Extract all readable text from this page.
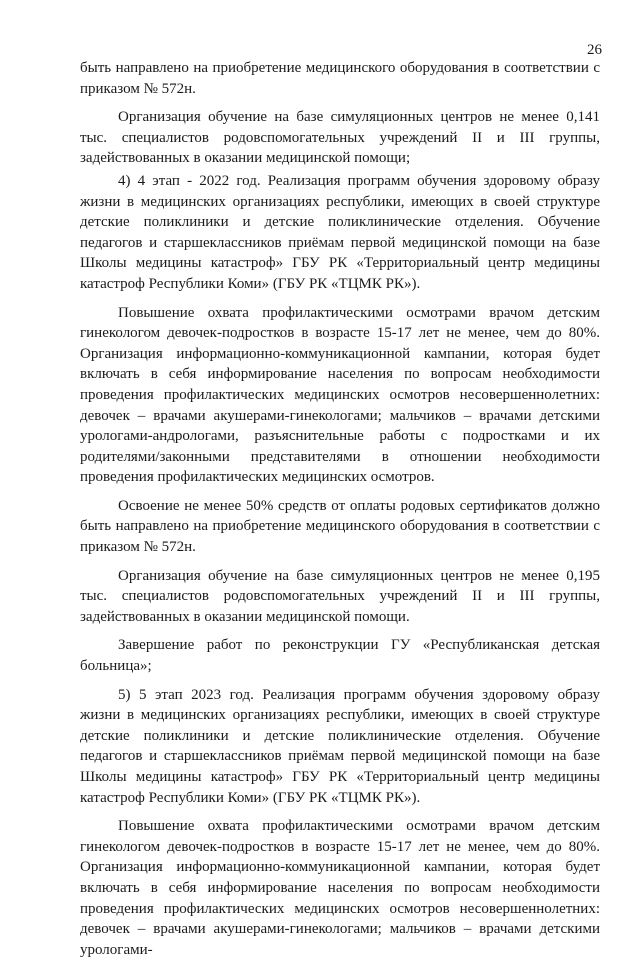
26

быть направлено на приобретение медицинского оборудования в соответствии с приказом № 572н.

Организация обучение на базе симуляционных центров не менее 0,141 тыс. специалистов родовспомогательных учреждений II и III группы, задействованных в оказании медицинской помощи;

4) 4 этап - 2022 год. Реализация программ обучения здоровому образу жизни в медицинских организациях республики, имеющих в своей структуре детские поликлиники и детские поликлинические отделения. Обучение педагогов и старшеклассников приёмам первой медицинской помощи на базе Школы медицины катастроф» ГБУ РК «Территориальный центр медицины катастроф Республики Коми» (ГБУ РК «ТЦМК РК»).

Повышение охвата профилактическими осмотрами врачом детским гинекологом девочек-подростков в возрасте 15-17 лет не менее, чем до 80%. Организация информационно-коммуникационной кампании, которая будет включать в себя информирование населения по вопросам необходимости проведения профилактических медицинских осмотров несовершеннолетних: девочек – врачами акушерами-гинекологами; мальчиков – врачами детскими урологами-андрологами, разъяснительные работы с подростками и их родителями/законными представителями в отношении необходимости проведения профилактических медицинских осмотров.

Освоение не менее 50% средств от оплаты родовых сертификатов должно быть направлено на приобретение медицинского оборудования в соответствии с приказом № 572н.

Организация обучение на базе симуляционных центров не менее 0,195 тыс. специалистов родовспомогательных учреждений II и III группы, задействованных в оказании медицинской помощи.

Завершение работ по реконструкции ГУ «Республиканская детская больница»;

5) 5 этап 2023 год. Реализация программ обучения здоровому образу жизни в медицинских организациях республики, имеющих в своей структуре детские поликлиники и детские поликлинические отделения. Обучение педагогов и старшеклассников приёмам первой медицинской помощи на базе Школы медицины катастроф» ГБУ РК «Территориальный центр медицины катастроф Республики Коми» (ГБУ РК «ТЦМК РК»).

Повышение охвата профилактическими осмотрами врачом детским гинекологом девочек-подростков в возрасте 15-17 лет не менее, чем до 80%. Организация информационно-коммуникационной кампании, которая будет включать в себя информирование населения по вопросам необходимости проведения профилактических медицинских осмотров несовершеннолетних: девочек – врачами акушерами-гинекологами; мальчиков – врачами детскими урологами-
